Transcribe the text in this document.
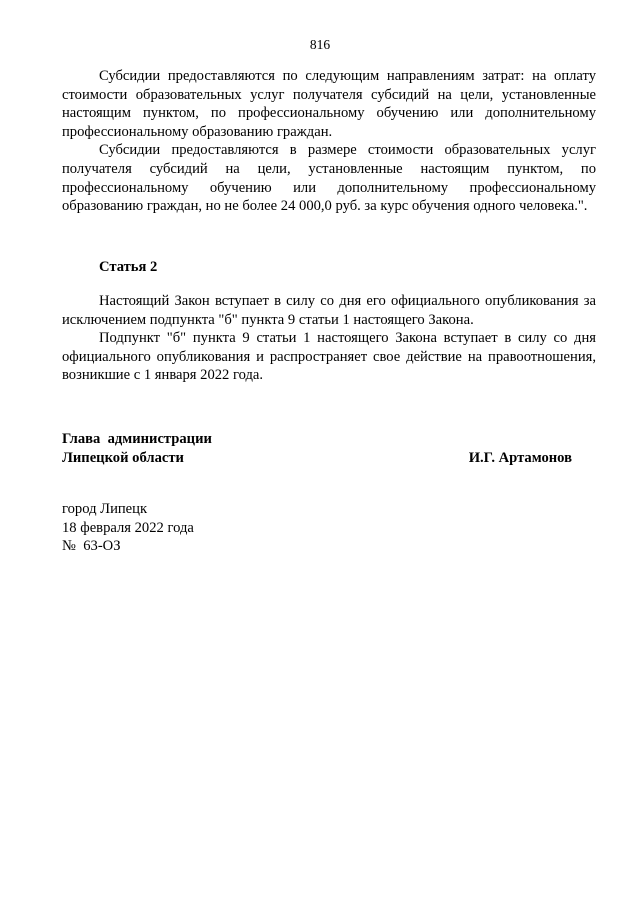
816

Субсидии предоставляются по следующим направлениям затрат: на оплату стоимости образовательных услуг получателя субсидий на цели, установленные настоящим пунктом, по профессиональному обучению или дополнительному профессиональному образованию граждан.

Субсидии предоставляются в размере стоимости образовательных услуг получателя субсидий на цели, установленные настоящим пунктом, по профессиональному обучению или дополнительному профессиональному образованию граждан, но не более 24 000,0 руб. за курс обучения одного человека.".

Статья 2

Настоящий Закон вступает в силу со дня его официального опубликования за исключением подпункта "б" пункта 9 статьи 1 настоящего Закона.

Подпункт "б" пункта 9 статьи 1 настоящего Закона вступает в силу со дня официального опубликования и распространяет свое действие на правоотношения, возникшие с 1 января 2022 года.

Глава  администрации
Липецкой области	И.Г. Артамонов
город Липецк
18 февраля 2022 года
№  63-ОЗ
